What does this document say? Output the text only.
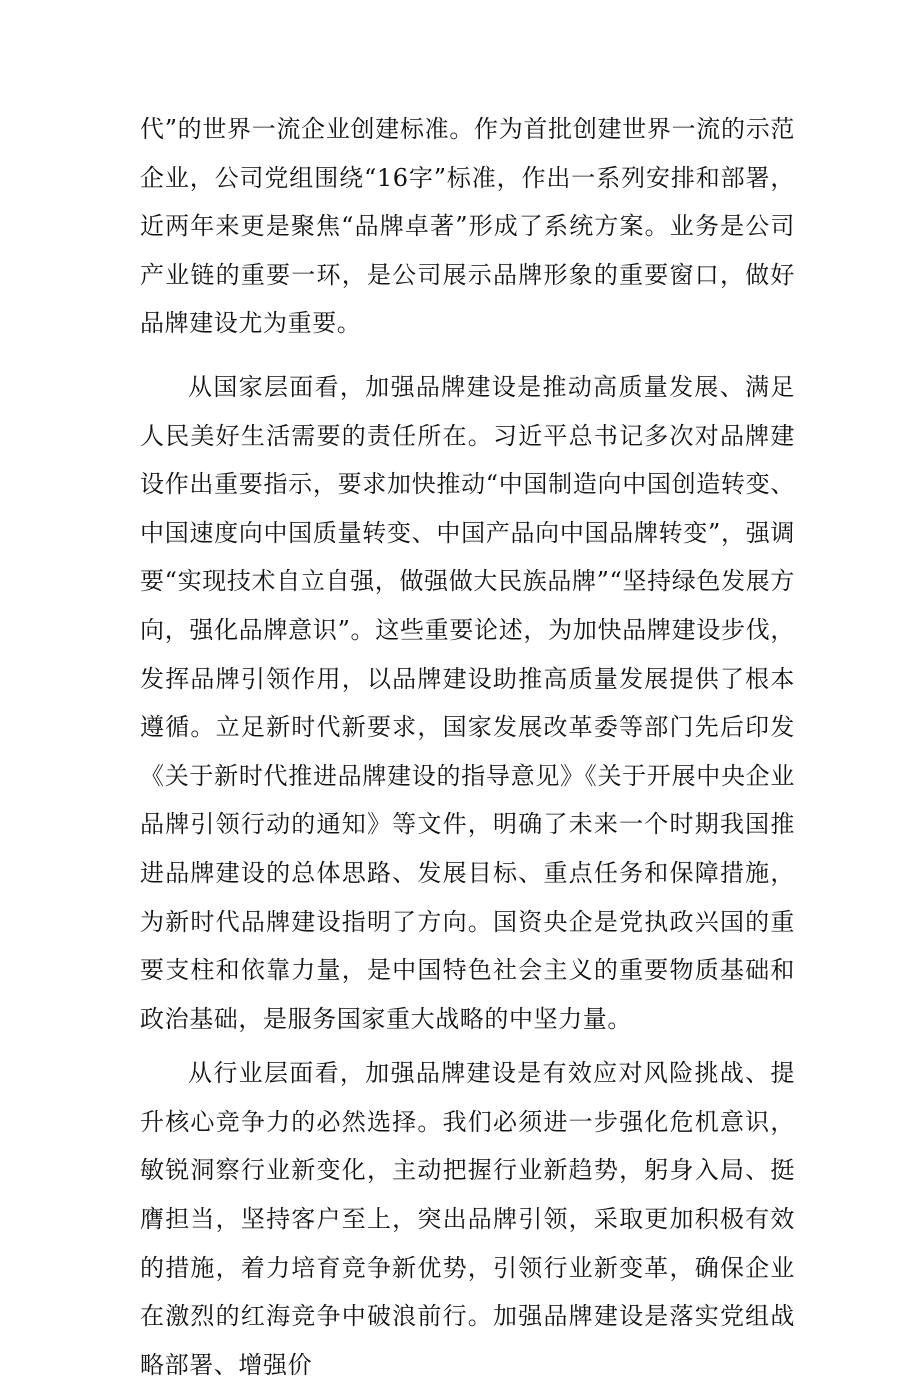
代”的世界一流企业创建标准。作为首批创建世界一流的示范企业，公司党组围绕“16字”标准，作出一系列安排和部署，近两年来更是聚焦“品牌卓著”形成了系统方案。业务是公司产业链的重要一环，是公司展示品牌形象的重要窗口，做好品牌建设尤为重要。

从国家层面看，加强品牌建设是推动高质量发展、满足人民美好生活需要的责任所在。习近平总书记多次对品牌建设作出重要指示，要求加快推动“中国制造向中国创造转变、中国速度向中国质量转变、中国产品向中国品牌转变”，强调要“实现技术自立自强，做强做大民族品牌”“坚持绿色发展方向，强化品牌意识”。这些重要论述，为加快品牌建设步伐，发挥品牌引领作用，以品牌建设助推高质量发展提供了根本遵循。立足新时代新要求，国家发展改革委等部门先后印发《关于新时代推进品牌建设的指导意见》《关于开展中央企业品牌引领行动的通知》等文件，明确了未来一个时期我国推进品牌建设的总体思路、发展目标、重点任务和保障措施，为新时代品牌建设指明了方向。国资央企是党执政兴国的重要支柱和依靠力量，是中国特色社会主义的重要物质基础和政治基础，是服务国家重大战略的中坚力量。

从行业层面看，加强品牌建设是有效应对风险挑战、提升核心竞争力的必然选择。我们必须进一步强化危机意识，敏锐洞察行业新变化，主动把握行业新趋势，躬身入局、挺膺担当，坚持客户至上，突出品牌引领，采取更加积极有效的措施，着力培育竞争新优势，引领行业新变革，确保企业在激烈的红海竞争中破浪前行。加强品牌建设是落实党组战略部署、增强价
